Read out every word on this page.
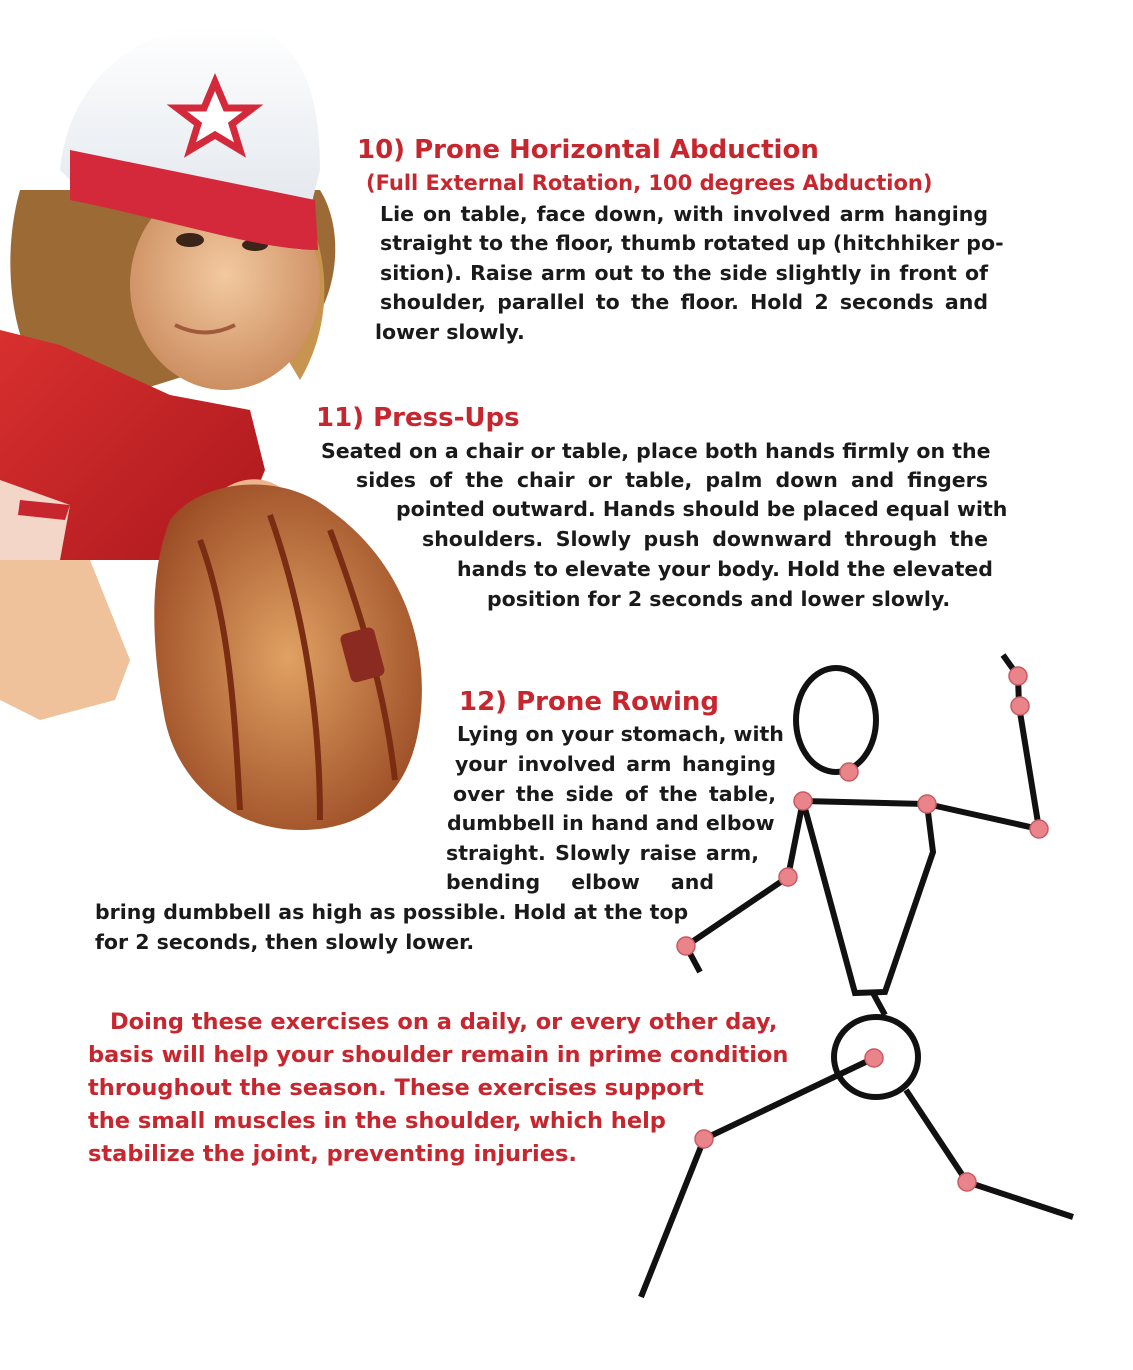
10) Prone Horizontal Abduction
(Full External Rotation, 100 degrees Abduction)
Lie on table, face down, with involved arm hanging
straight to the floor, thumb rotated up (hitchhiker po-
sition). Raise arm out to the side slightly in front of
shoulder, parallel to the floor. Hold 2 seconds and
lower slowly.
11) Press-Ups
Seated on a chair or table, place both hands firmly on the
sides of the chair or table, palm down and fingers
pointed outward. Hands should be placed equal with
shoulders. Slowly push downward through the
hands to elevate your body. Hold the elevated
position for 2 seconds and lower slowly.
12) Prone Rowing
Lying on your stomach, with
your involved arm hanging
over the side of the table,
dumbbell in hand and elbow
straight. Slowly raise arm,
bending elbow and
bring dumbbell as high as possible. Hold at the top
for 2 seconds, then slowly lower.
Doing these exercises on a daily, or every other day,
basis will help your shoulder remain in prime condition
throughout the season. These exercises support
the small muscles in the shoulder, which help
stabilize the joint, preventing injuries.
